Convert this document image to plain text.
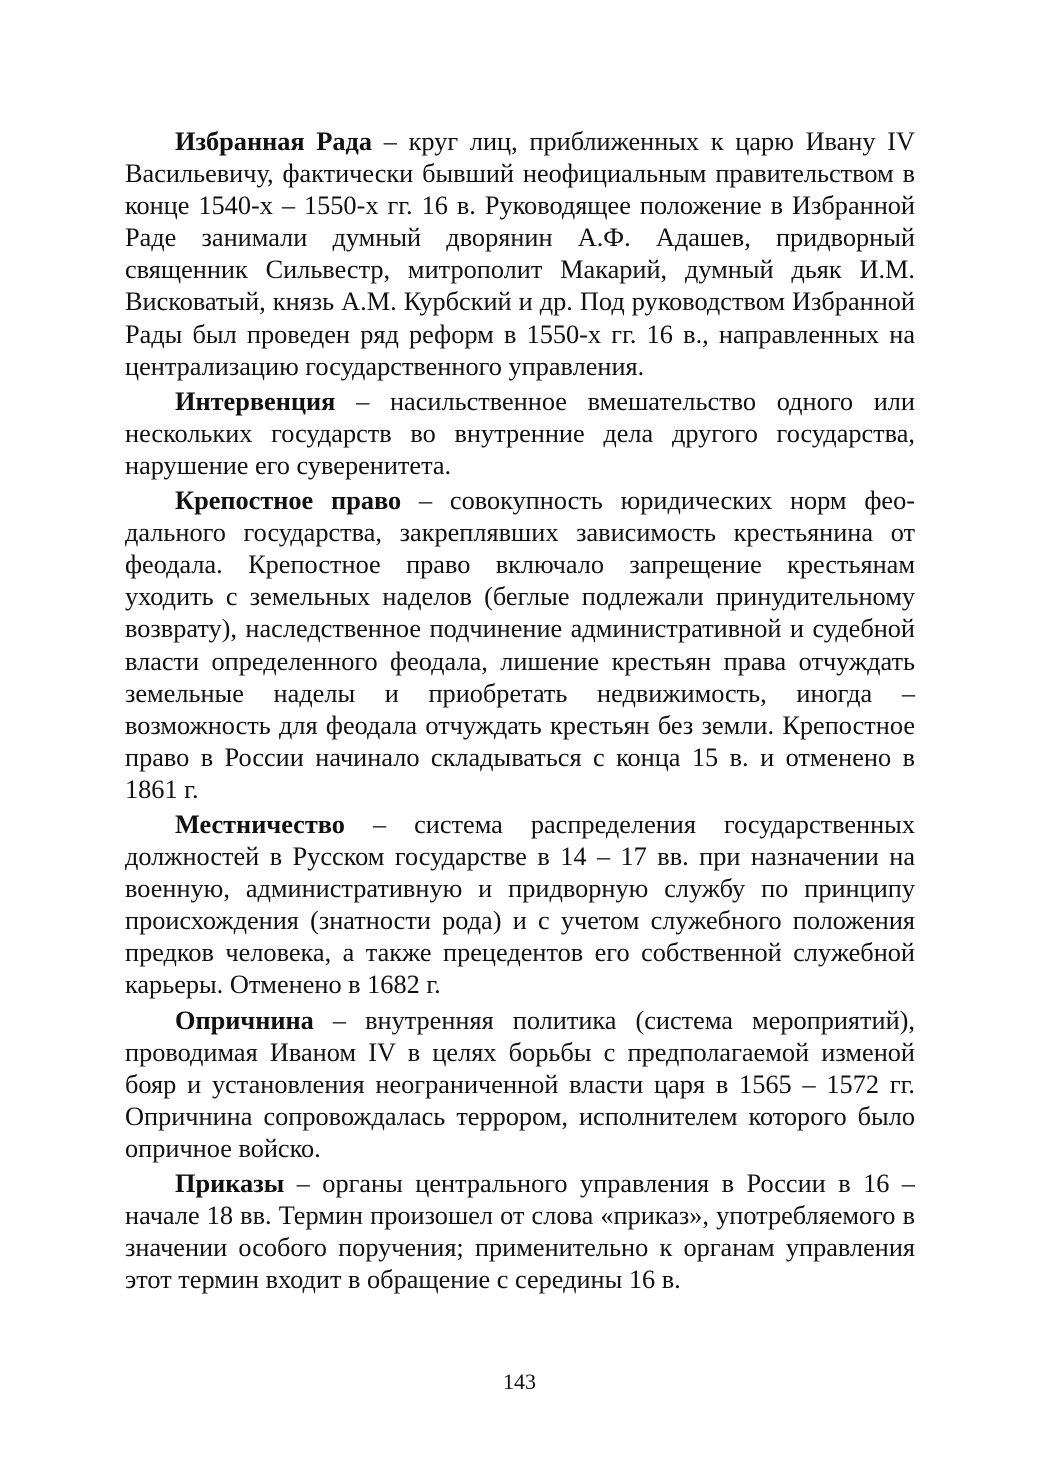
Избранная Рада – круг лиц, приближенных к царю Ивану IV Васильевичу, фактически бывший неофициальным правительством в конце 1540-х – 1550-х гг. 16 в. Руководящее положение в Избранной Раде занимали думный дворянин А.Ф. Адашев, придворный священник Сильвестр, митрополит Макарий, думный дьяк И.М. Висковатый, князь А.М. Курбский и др. Под руководством Избранной Рады был проведен ряд реформ в 1550-х гг. 16 в., направленных на централизацию государственного управления.

Интервенция – насильственное вмешательство одного или нескольких государств во внутренние дела другого государства, нарушение его суверенитета.

Крепостное право – совокупность юридических норм феодального государства, закреплявших зависимость крестьянина от феодала. Крепостное право включало запрещение крестьянам уходить с земельных наделов (беглые подлежали принудительному возврату), наследственное подчинение административной и судебной власти определенного феодала, лишение крестьян права отчуждать земельные наделы и приобретать недвижимость, иногда – возможность для феодала отчуждать крестьян без земли. Крепостное право в России начинало складываться с конца 15 в. и отменено в 1861 г.

Местничество – система распределения государственных должностей в Русском государстве в 14 – 17 вв. при назначении на военную, административную и придворную службу по принципу происхождения (знатности рода) и с учетом служебного положения предков человека, а также прецедентов его собственной служебной карьеры. Отменено в 1682 г.

Опричнина – внутренняя политика (система мероприятий), проводимая Иваном IV в целях борьбы с предполагаемой изменой бояр и установления неограниченной власти царя в 1565 – 1572 гг. Опричнина сопровождалась террором, исполнителем которого было опричное войско.

Приказы – органы центрального управления в России в 16 – начале 18 вв. Термин произошел от слова «приказ», употребляемого в значении особого поручения; применительно к органам управления этот термин входит в обращение с середины 16 в.

143
